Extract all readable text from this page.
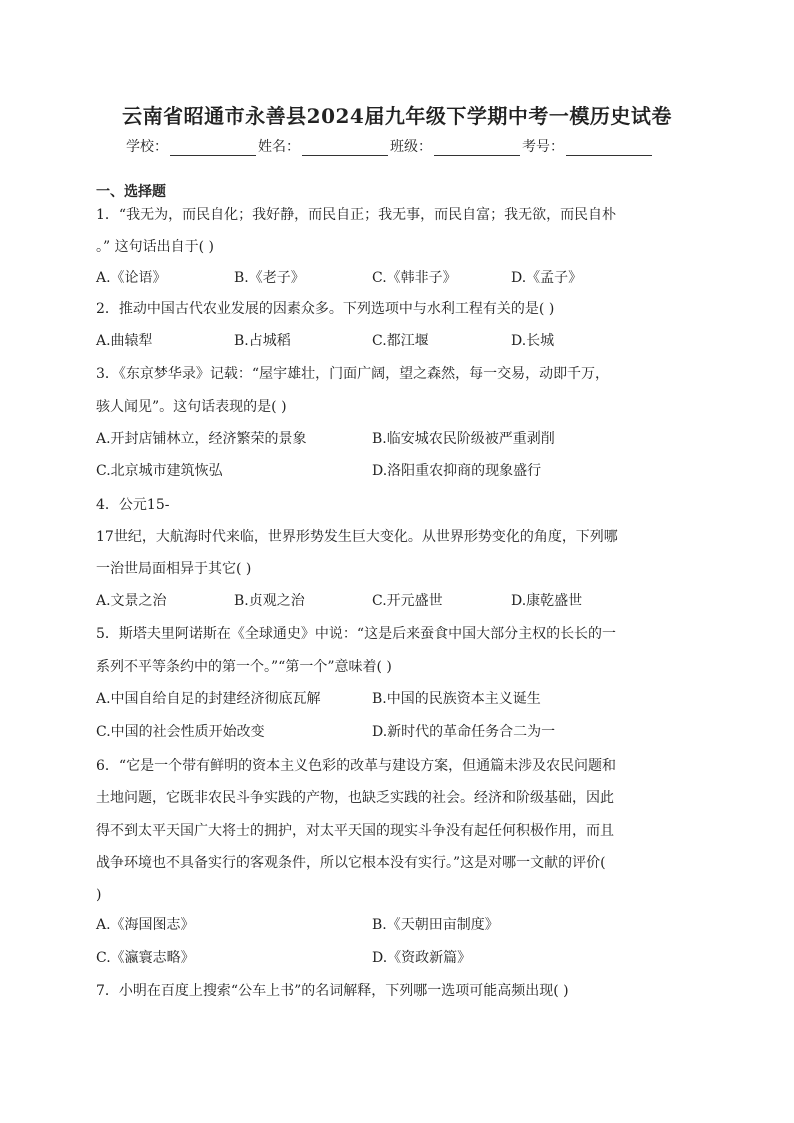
云南省昭通市永善县2024届九年级下学期中考一模历史试卷
学校：	姓名：	班级：	考号：
一、选择题
1．“我无为，而民自化；我好静，而民自正；我无事，而民自富；我无欲，而民自朴
。” 这句话出自于( )
A.《论语》	B.《老子》	C.《韩非子》	D.《孟子》
2．推动中国古代农业发展的因素众多。下列选项中与水利工程有关的是( )
A.曲辕犁	B.占城稻	C.都江堰	D.长城
3．《东京梦华录》记载：“屋宇雄壮，门面广阔，望之森然，每一交易，动即千万，
骇人闻见”。这句话表现的是( )
A.开封店铺林立，经济繁荣的景象	B.临安城农民阶级被严重剥削
C.北京城市建筑恢弘	D.洛阳重农抑商的现象盛行
4．公元15-
17世纪，大航海时代来临，世界形势发生巨大变化。从世界形势变化的角度，下列哪
一治世局面相异于其它( )
A.文景之治	B.贞观之治	C.开元盛世	D.康乾盛世
5．斯塔夫里阿诺斯在《全球通史》中说：“这是后来蚕食中国大部分主权的长长的一
系列不平等条约中的第一个。”“第一个”意味着( )
A.中国自给自足的封建经济彻底瓦解	B.中国的民族资本主义诞生
C.中国的社会性质开始改变	D.新时代的革命任务合二为一
6．“它是一个带有鲜明的资本主义色彩的改革与建设方案，但通篇未涉及农民问题和
土地问题，它既非农民斗争实践的产物，也缺乏实践的社会。经济和阶级基础，因此
得不到太平天国广大将士的拥护，对太平天国的现实斗争没有起任何积极作用，而且
战争环境也不具备实行的客观条件，所以它根本没有实行。”这是对哪一文献的评价(
)
A.《海国图志》	B.《天朝田亩制度》
C.《瀛寰志略》	D.《资政新篇》
7．小明在百度上搜索“公车上书”的名词解释，下列哪一选项可能高频出现( )
